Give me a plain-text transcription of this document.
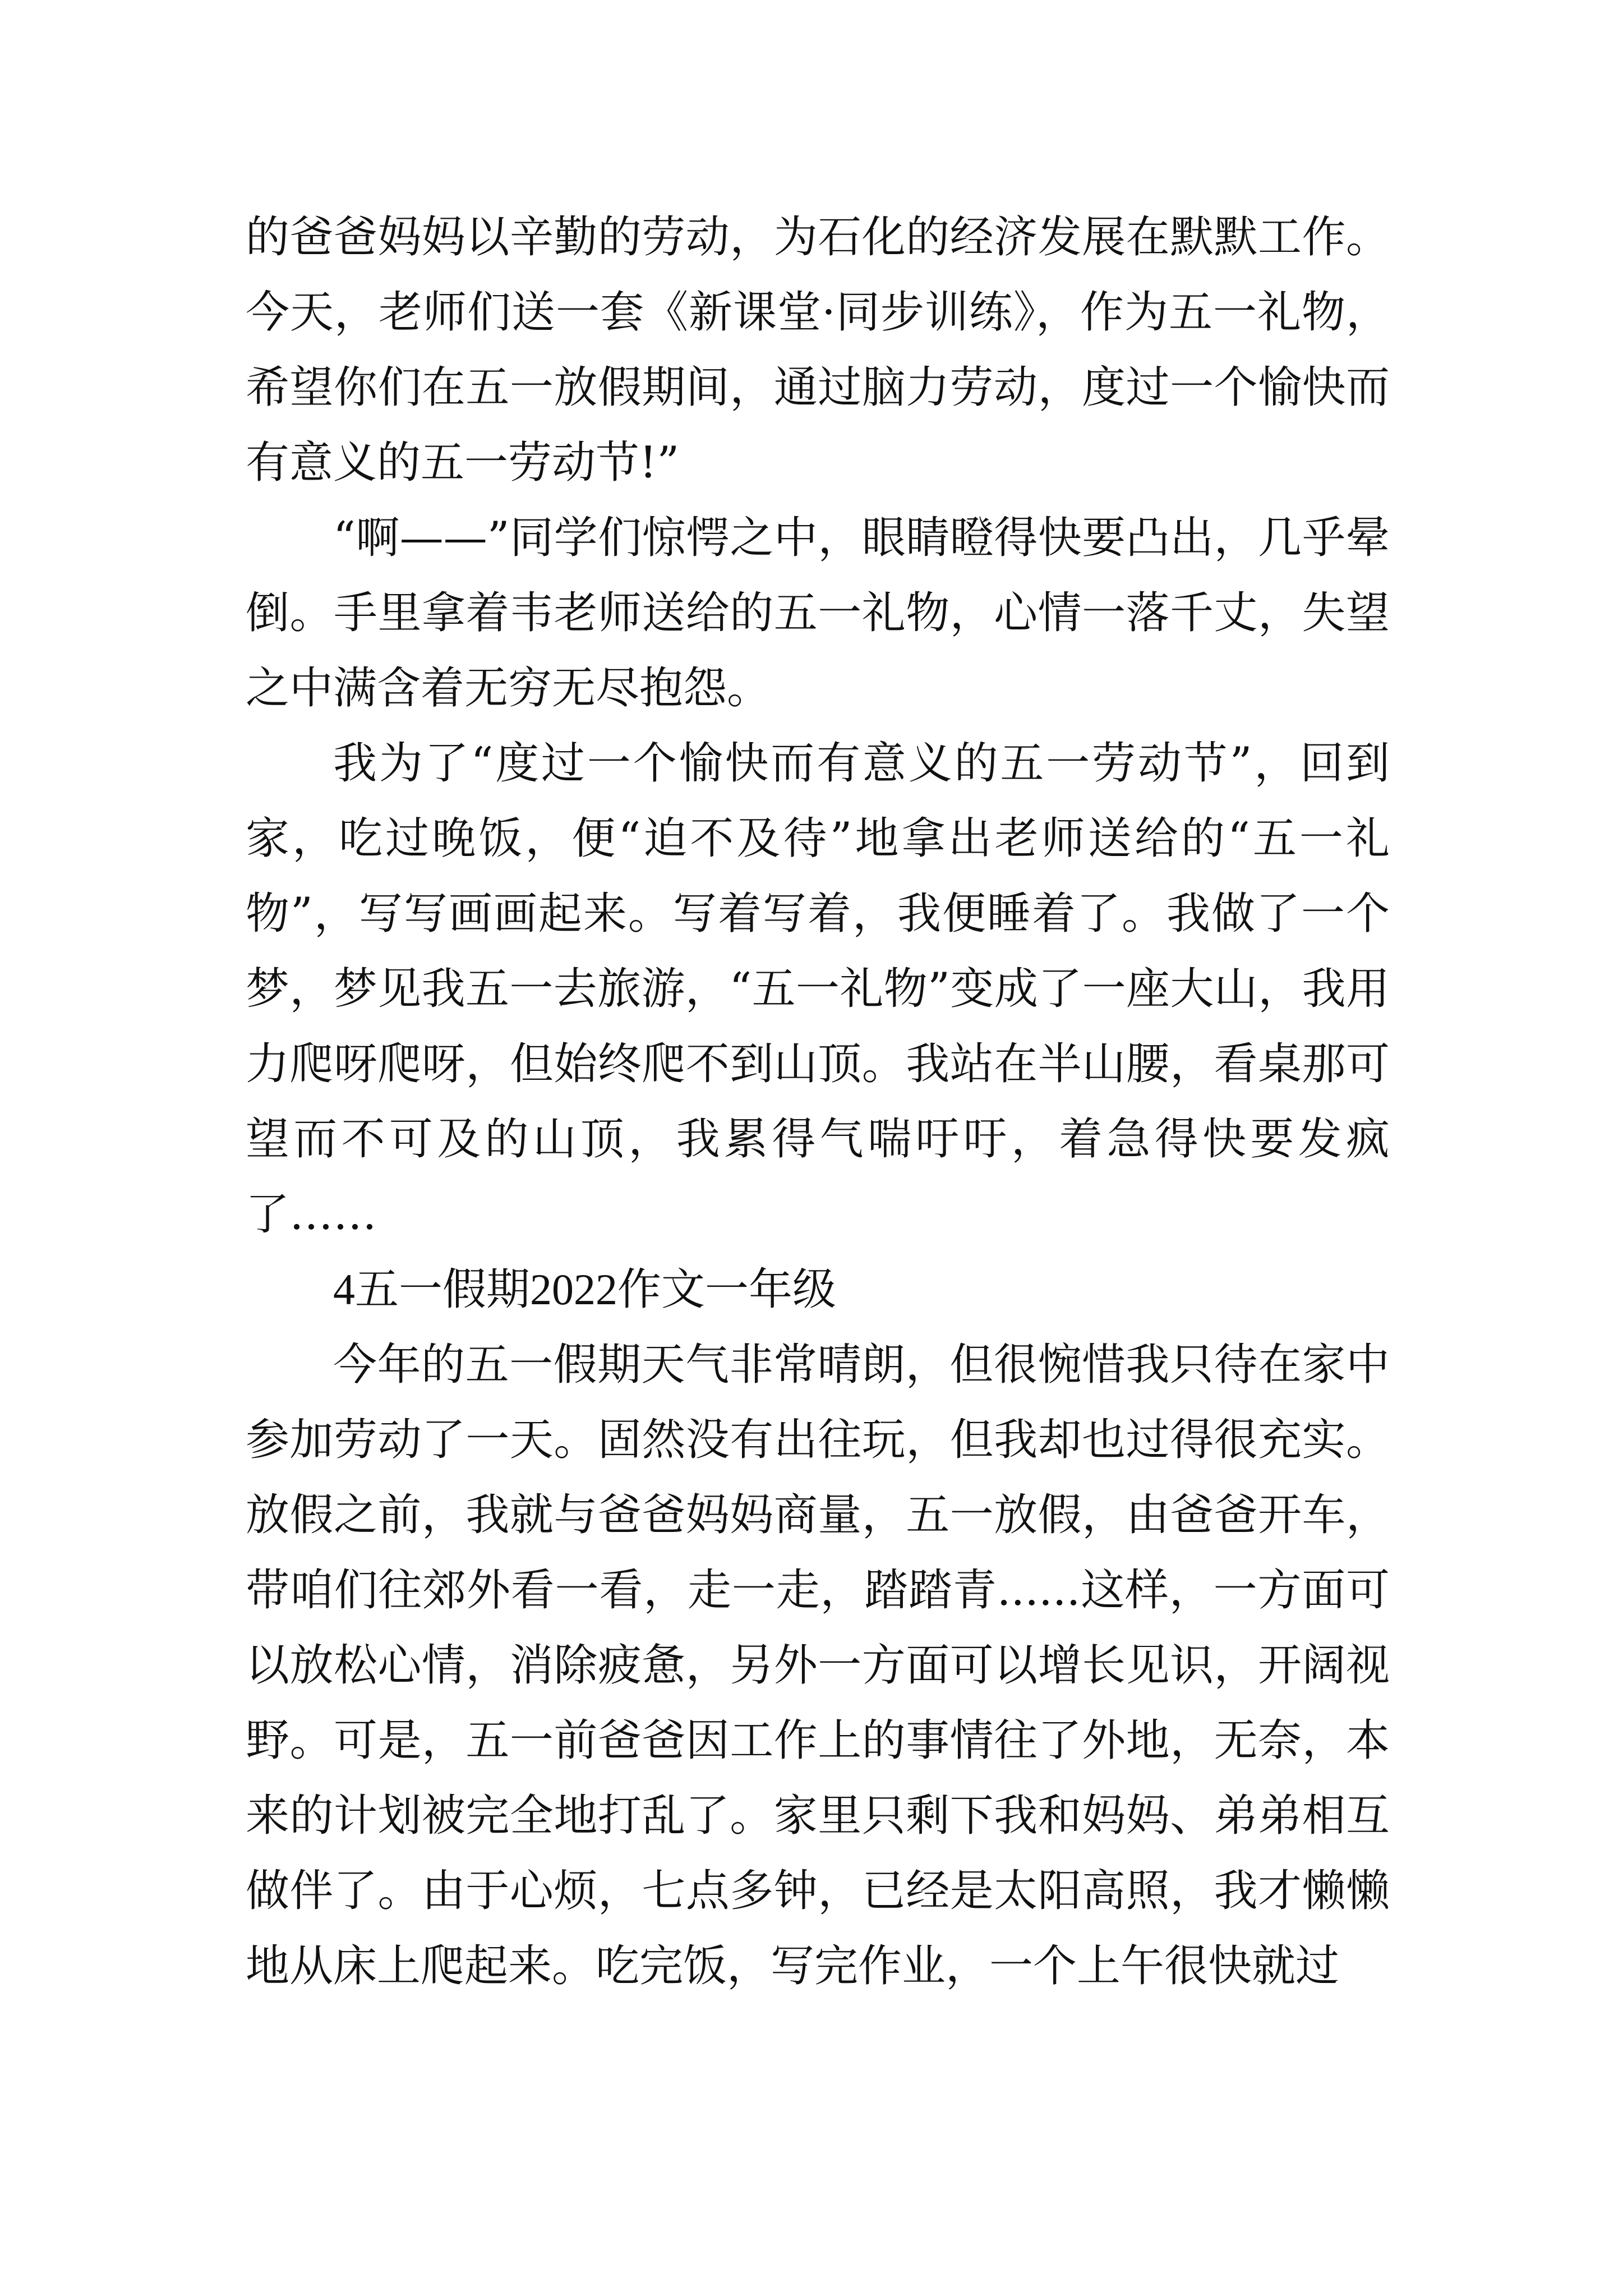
的爸爸妈妈以辛勤的劳动，为石化的经济发展在默默工作。今天，老师们送一套《新课堂·同步训练》，作为五一礼物，希望你们在五一放假期间，通过脑力劳动，度过一个愉快而有意义的五一劳动节!”

“啊——”同学们惊愕之中，眼睛瞪得快要凸出，几乎晕倒。手里拿着韦老师送给的五一礼物，心情一落千丈，失望之中满含着无穷无尽抱怨。

我为了“度过一个愉快而有意义的五一劳动节”，回到家，吃过晚饭，便“迫不及待”地拿出老师送给的“五一礼物”，写写画画起来。写着写着，我便睡着了。我做了一个梦，梦见我五一去旅游，“五一礼物”变成了一座大山，我用力爬呀爬呀，但始终爬不到山顶。我站在半山腰，看桌那可望而不可及的山顶，我累得气喘吁吁，着急得快要发疯了……

4五一假期2022作文一年级

今年的五一假期天气非常晴朗，但很惋惜我只待在家中参加劳动了一天。固然没有出往玩，但我却也过得很充实。放假之前，我就与爸爸妈妈商量，五一放假，由爸爸开车，带咱们往郊外看一看，走一走，踏踏青......这样，一方面可以放松心情，消除疲惫，另外一方面可以增长见识，开阔视野。可是，五一前爸爸因工作上的事情往了外地，无奈，本来的计划被完全地打乱了。家里只剩下我和妈妈、弟弟相互做伴了。由于心烦，七点多钟，已经是太阳高照，我才懒懒地从床上爬起来。吃完饭，写完作业，一个上午很快就过
